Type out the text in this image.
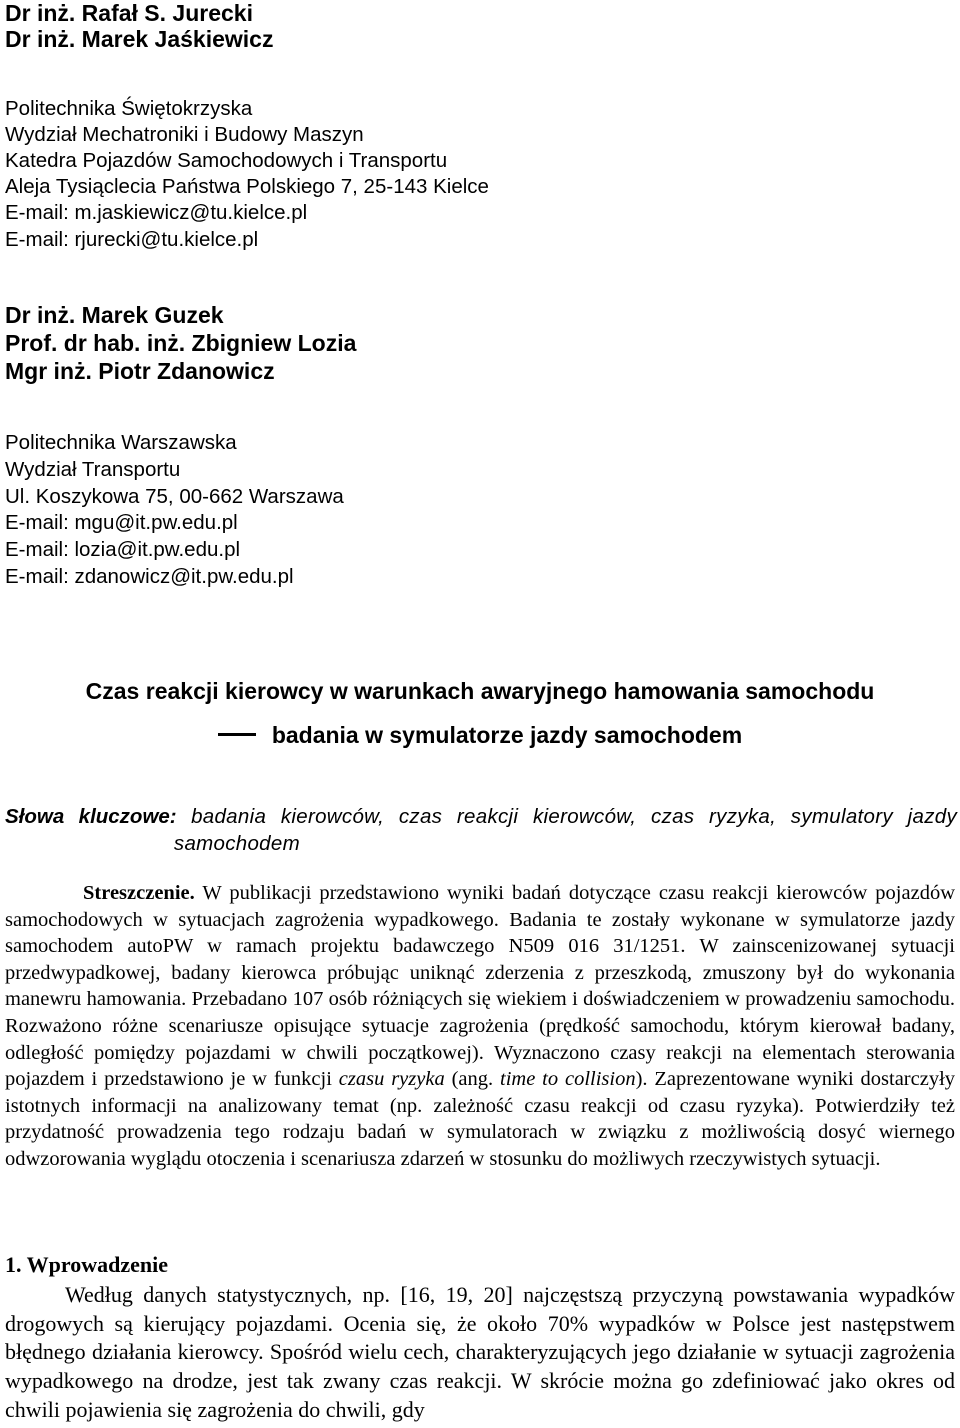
Dr inż. Rafał S. Jurecki
Dr inż. Marek Jaśkiewicz
Politechnika Świętokrzyska
Wydział Mechatroniki i Budowy Maszyn
Katedra Pojazdów Samochodowych i Transportu
Aleja Tysiąclecia Państwa Polskiego 7, 25-143 Kielce
E-mail: m.jaskiewicz@tu.kielce.pl
E-mail: rjurecki@tu.kielce.pl
Dr inż. Marek Guzek
Prof. dr hab. inż. Zbigniew Lozia
Mgr inż. Piotr Zdanowicz
Politechnika Warszawska
Wydział Transportu
Ul. Koszykowa 75, 00-662 Warszawa
E-mail: mgu@it.pw.edu.pl
E-mail: lozia@it.pw.edu.pl
E-mail: zdanowicz@it.pw.edu.pl
Czas reakcji kierowcy w warunkach awaryjnego hamowania samochodu
badania w symulatorze jazdy samochodem
Słowa kluczowe: badania kierowców, czas reakcji kierowców, czas ryzyka, symulatory jazdy samochodem

Streszczenie. W publikacji przedstawiono wyniki badań dotyczące czasu reakcji kierowców pojazdów samochodowych w sytuacjach zagrożenia wypadkowego. Badania te zostały wykonane w symulatorze jazdy samochodem autoPW w ramach projektu badawczego N509 016 31/1251. W zainscenizowanej sytuacji przedwypadkowej, badany kierowca próbując uniknąć zderzenia z przeszkodą, zmuszony był do wykonania manewru hamowania. Przebadano 107 osób różniących się wiekiem i doświadczeniem w prowadzeniu samochodu. Rozważono różne scenariusze opisujące sytuacje zagrożenia (prędkość samochodu, którym kierował badany, odległość pomiędzy pojazdami w chwili początkowej). Wyznaczono czasy reakcji na elementach sterowania pojazdem i przedstawiono je w funkcji czasu ryzyka (ang. time to collision). Zaprezentowane wyniki dostarczyły istotnych informacji na analizowany temat (np. zależność czasu reakcji od czasu ryzyka). Potwierdziły też przydatność prowadzenia tego rodzaju badań w symulatorach w związku z możliwością dosyć wiernego odwzorowania wyglądu otoczenia i scenariusza zdarzeń w stosunku do możliwych rzeczywistych sytuacji.

1. Wprowadzenie
Według danych statystycznych, np. [16, 19, 20] najczęstszą przyczyną powstawania wypadków drogowych są kierujący pojazdami. Ocenia się, że około 70% wypadków w Polsce jest następstwem błędnego działania kierowcy. Spośród wielu cech, charakteryzujących jego działanie w sytuacji zagrożenia wypadkowego na drodze, jest tak zwany czas reakcji. W skrócie można go zdefiniować jako okres od chwili pojawienia się zagrożenia do chwili, gdy
